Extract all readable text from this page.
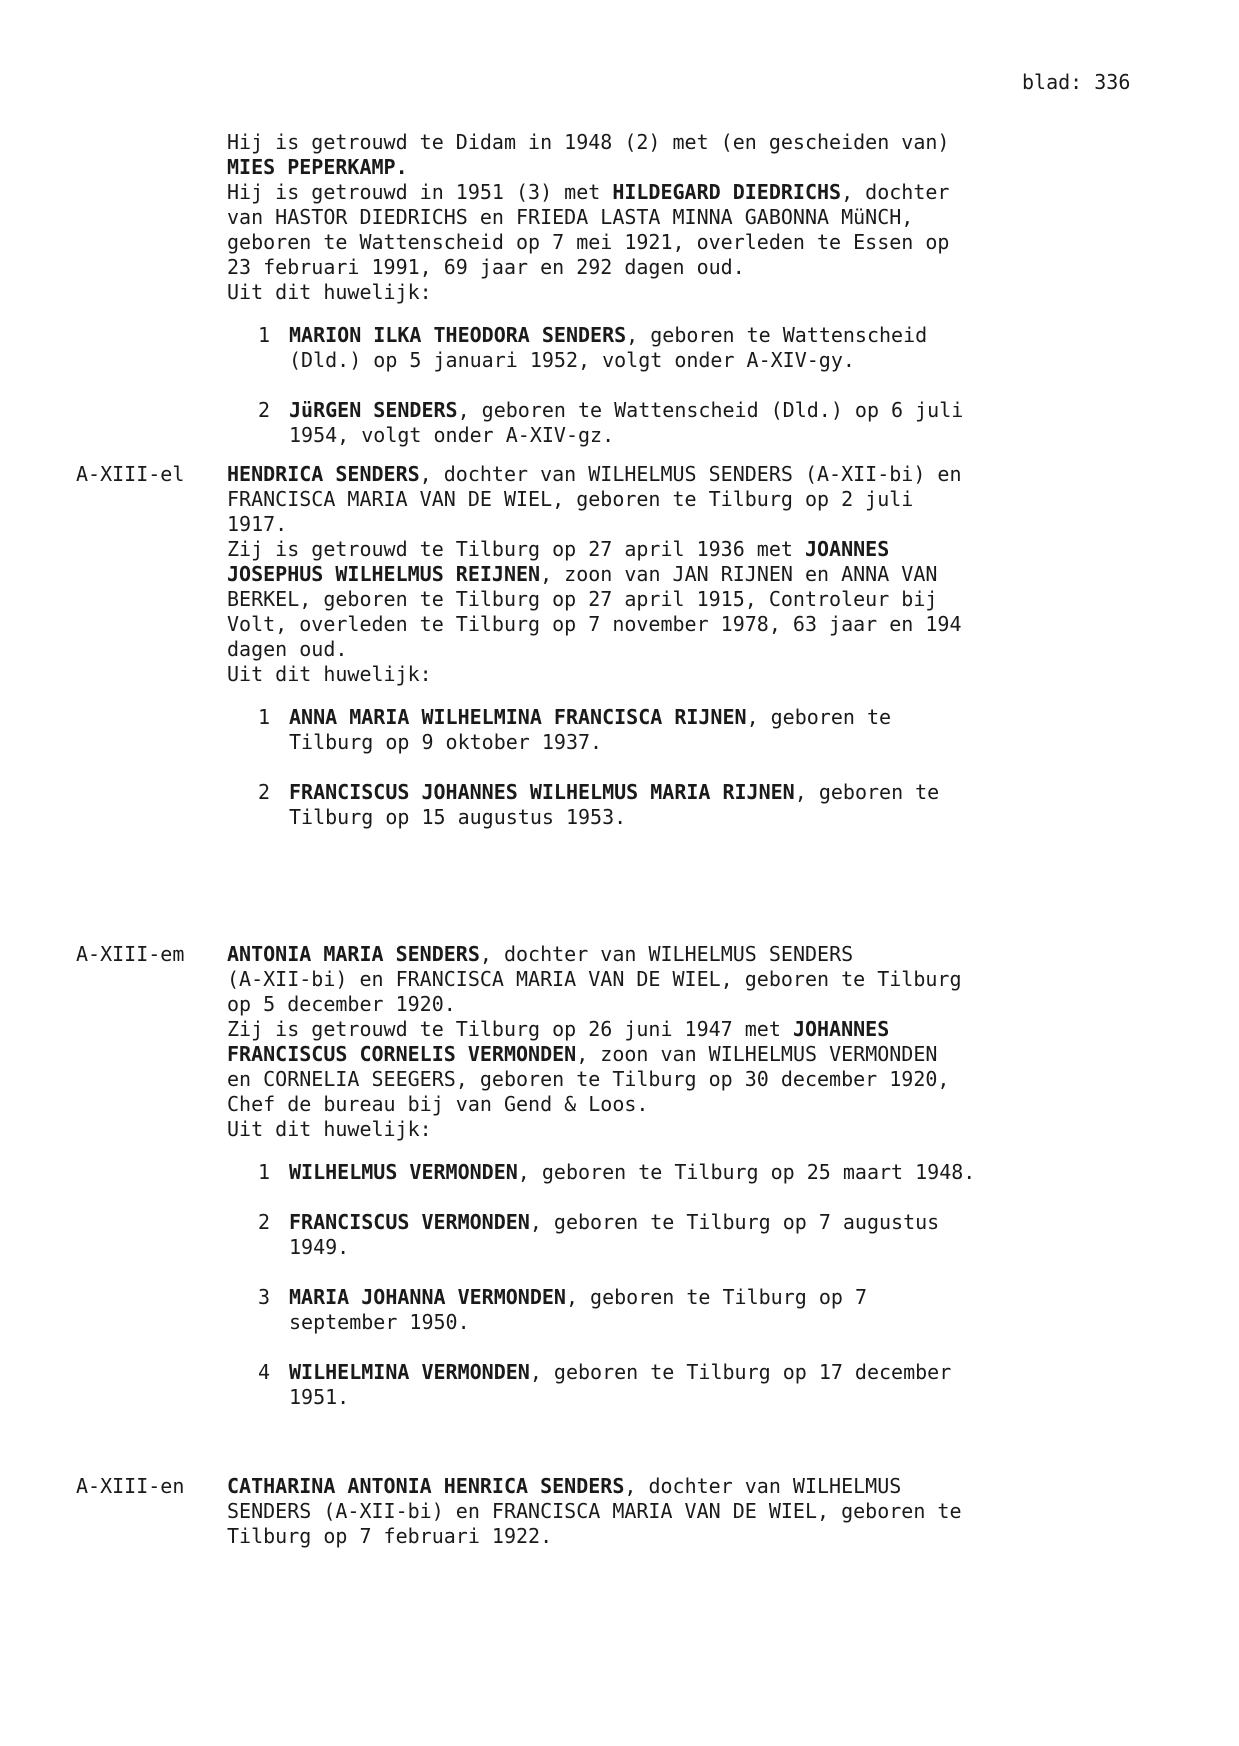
blad: 336
Hij is getrouwd te Didam in 1948 (2) met (en gescheiden van)
MIES PEPERKAMP.
Hij is getrouwd in 1951 (3) met HILDEGARD DIEDRICHS, dochter
van HASTOR DIEDRICHS en FRIEDA LASTA MINNA GABONNA MüNCH,
geboren te Wattenscheid op 7 mei 1921, overleden te Essen op
23 februari 1991, 69 jaar en 292 dagen oud.
Uit dit huwelijk:
1 MARION ILKA THEODORA SENDERS, geboren te Wattenscheid
(Dld.) op 5 januari 1952, volgt onder A-XIV-gy.
2 JüRGEN SENDERS, geboren te Wattenscheid (Dld.) op 6 juli
1954, volgt onder A-XIV-gz.
A-XIII-el HENDRICA SENDERS, dochter van WILHELMUS SENDERS (A-XII-bi) en
FRANCISCA MARIA VAN DE WIEL, geboren te Tilburg op 2 juli
1917.
Zij is getrouwd te Tilburg op 27 april 1936 met JOANNES
JOSEPHUS WILHELMUS REIJNEN, zoon van JAN RIJNEN en ANNA VAN
BERKEL, geboren te Tilburg op 27 april 1915, Controleur bij
Volt, overleden te Tilburg op 7 november 1978, 63 jaar en 194
dagen oud.
Uit dit huwelijk:
1 ANNA MARIA WILHELMINA FRANCISCA RIJNEN, geboren te
Tilburg op 9 oktober 1937.
2 FRANCISCUS JOHANNES WILHELMUS MARIA RIJNEN, geboren te
Tilburg op 15 augustus 1953.
A-XIII-em ANTONIA MARIA SENDERS, dochter van WILHELMUS SENDERS
(A-XII-bi) en FRANCISCA MARIA VAN DE WIEL, geboren te Tilburg
op 5 december 1920.
Zij is getrouwd te Tilburg op 26 juni 1947 met JOHANNES
FRANCISCUS CORNELIS VERMONDEN, zoon van WILHELMUS VERMONDEN
en CORNELIA SEEGERS, geboren te Tilburg op 30 december 1920,
Chef de bureau bij van Gend & Loos.
Uit dit huwelijk:
1 WILHELMUS VERMONDEN, geboren te Tilburg op 25 maart 1948.
2 FRANCISCUS VERMONDEN, geboren te Tilburg op 7 augustus
1949.
3 MARIA JOHANNA VERMONDEN, geboren te Tilburg op 7
september 1950.
4 WILHELMINA VERMONDEN, geboren te Tilburg op 17 december
1951.
A-XIII-en CATHARINA ANTONIA HENRICA SENDERS, dochter van WILHELMUS
SENDERS (A-XII-bi) en FRANCISCA MARIA VAN DE WIEL, geboren te
Tilburg op 7 februari 1922.
